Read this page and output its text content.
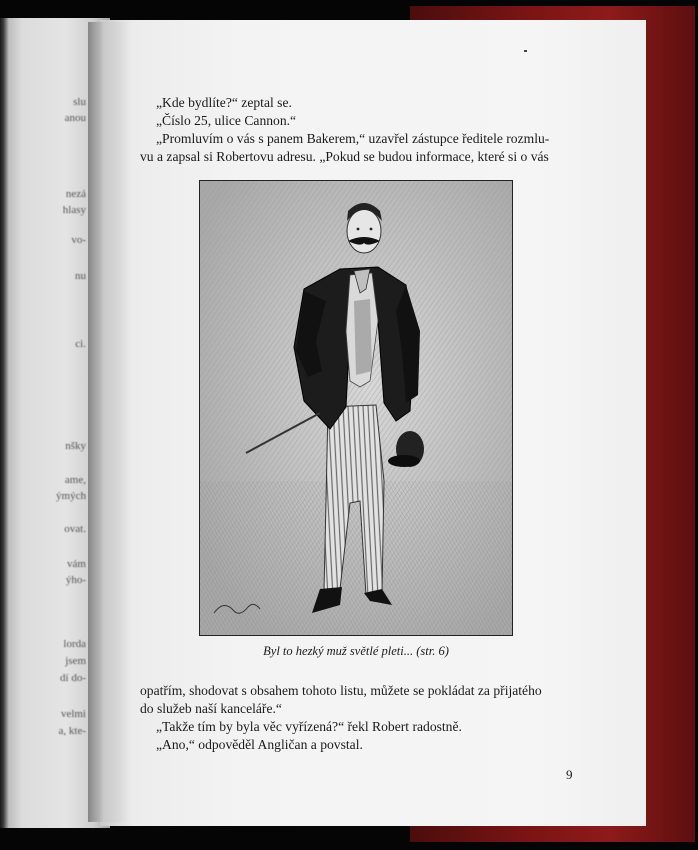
slu
anou
nezá
hlasy
vo-
nu
ci.
nšky
ame,
ýmých
ovat.
vám
ýho-
lorda
jsem
dí do-
velmi
a, kte-
„Kde bydlíte?“ zeptal se.
„Číslo 25, ulice Cannon.“
„Promluvím o vás s panem Bakerem,“ uzavřel zástupce ředitele rozmlu-
vu a zapsal si Robertovu adresu. „Pokud se budou informace, které si o vás
Byl to hezký muž světlé pleti... (str. 6)
opatřím, shodovat s obsahem tohoto listu, můžete se pokládat za přijatého
do služeb naší kanceláře.“
„Takže tím by byla věc vyřízená?“ řekl Robert radostně.
„Ano,“ odpověděl Angličan a povstal.
9
